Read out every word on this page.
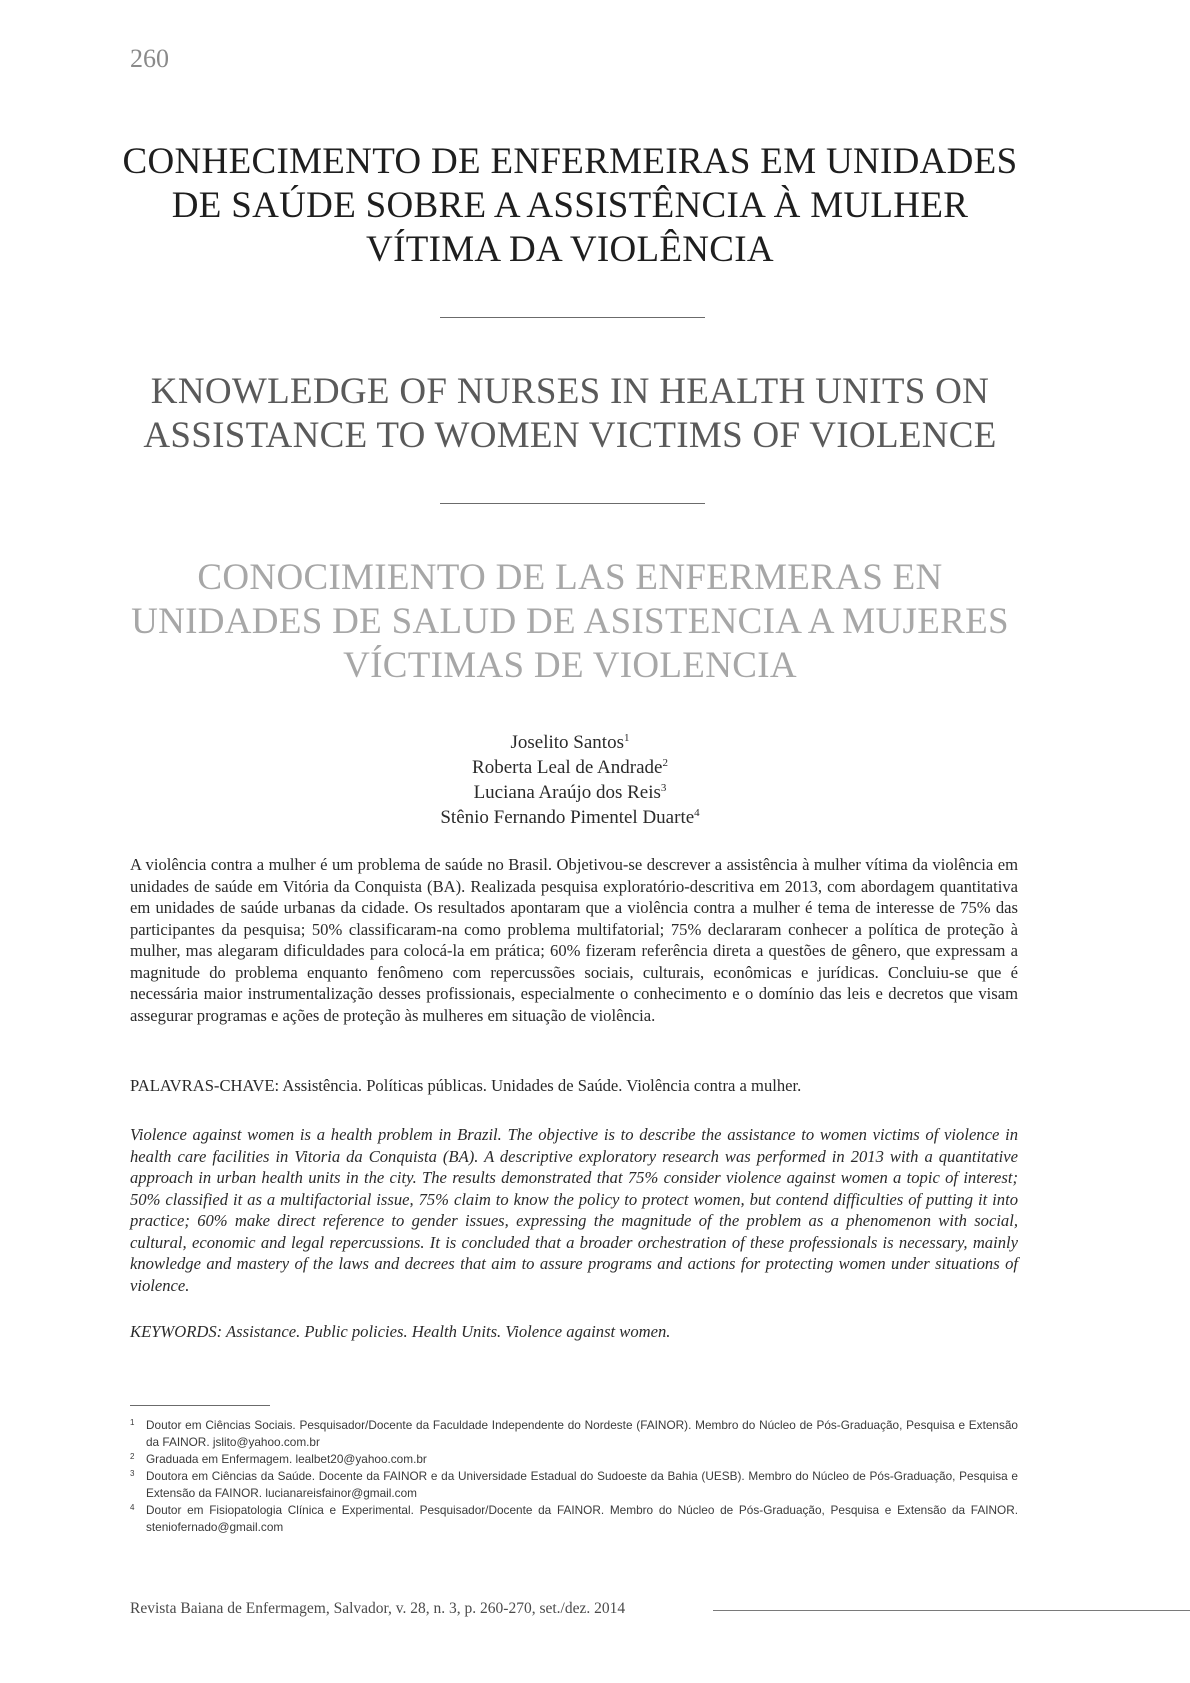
260
CONHECIMENTO DE ENFERMEIRAS EM UNIDADES DE SAÚDE SOBRE A ASSISTÊNCIA À MULHER VÍTIMA DA VIOLÊNCIA
KNOWLEDGE OF NURSES IN HEALTH UNITS ON ASSISTANCE TO WOMEN VICTIMS OF VIOLENCE
CONOCIMIENTO DE LAS ENFERMERAS EN UNIDADES DE SALUD DE ASISTENCIA A MUJERES VÍCTIMAS DE VIOLENCIA
Joselito Santos$^1$
Roberta Leal de Andrade$^2$
Luciana Araújo dos Reis$^3$
Stênio Fernando Pimentel Duarte$^4$

A violência contra a mulher é um problema de saúde no Brasil. Objetivou-se descrever a assistência à mulher vítima da violência em unidades de saúde em Vitória da Conquista (BA). Realizada pesquisa exploratório-descritiva em 2013, com abordagem quantitativa em unidades de saúde urbanas da cidade. Os resultados apontaram que a violência contra a mulher é tema de interesse de 75% das participantes da pesquisa; 50% classificaram-na como problema multifatorial; 75% declararam conhecer a política de proteção à mulher, mas alegaram dificuldades para colocá-la em prática; 60% fizeram referência direta a questões de gênero, que expressam a magnitude do problema enquanto fenômeno com repercussões sociais, culturais, econômicas e jurídicas. Concluiu-se que é necessária maior instrumentalização desses profissionais, especialmente o conhecimento e o domínio das leis e decretos que visam assegurar programas e ações de proteção às mulheres em situação de violência.

PALAVRAS-CHAVE: Assistência. Políticas públicas. Unidades de Saúde. Violência contra a mulher.

Violence against women is a health problem in Brazil. The objective is to describe the assistance to women victims of violence in health care facilities in Vitoria da Conquista (BA). A descriptive exploratory research was performed in 2013 with a quantitative approach in urban health units in the city. The results demonstrated that 75% consider violence against women a topic of interest; 50% classified it as a multifactorial issue, 75% claim to know the policy to protect women, but contend difficulties of putting it into practice; 60% make direct reference to gender issues, expressing the magnitude of the problem as a phenomenon with social, cultural, economic and legal repercussions. It is concluded that a broader orchestration of these professionals is necessary, mainly knowledge and mastery of the laws and decrees that aim to assure programs and actions for protecting women under situations of violence.

KEYWORDS: Assistance. Public policies. Health Units. Violence against women.
1 Doutor em Ciências Sociais. Pesquisador/Docente da Faculdade Independente do Nordeste (FAINOR). Membro do Núcleo de Pós-Graduação, Pesquisa e Extensão da FAINOR. jslito@yahoo.com.br
2 Graduada em Enfermagem. lealbet20@yahoo.com.br
3 Doutora em Ciências da Saúde. Docente da FAINOR e da Universidade Estadual do Sudoeste da Bahia (UESB). Membro do Núcleo de Pós-Graduação, Pesquisa e Extensão da FAINOR. lucianareisfainor@gmail.com
4 Doutor em Fisiopatologia Clínica e Experimental. Pesquisador/Docente da FAINOR. Membro do Núcleo de Pós-Graduação, Pesquisa e Extensão da FAINOR. steniofernado@gmail.com
Revista Baiana de Enfermagem, Salvador, v. 28, n. 3, p. 260-270, set./dez. 2014
